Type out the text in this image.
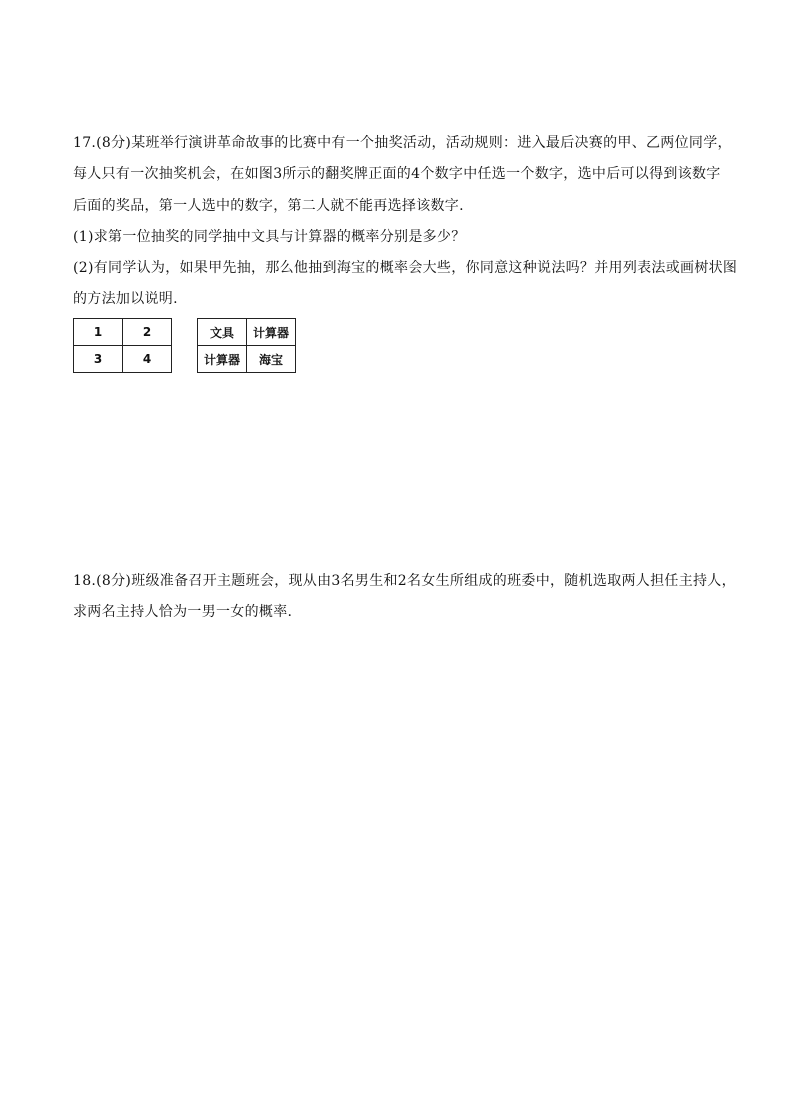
17.(8分)某班举行演讲革命故事的比赛中有一个抽奖活动，活动规则：进入最后决赛的甲、乙两位同学，
每人只有一次抽奖机会，在如图3所示的翻奖牌正面的4个数字中任选一个数字，选中后可以得到该数字
后面的奖品，第一人选中的数字，第二人就不能再选择该数字.
(1)求第一位抽奖的同学抽中文具与计算器的概率分别是多少？
(2)有同学认为，如果甲先抽，那么他抽到海宝的概率会大些，你同意这种说法吗？并用列表法或画树状图
的方法加以说明.
1	2
3	4
文具	计算器
计算器	海宝
18.(8分)班级准备召开主题班会，现从由3名男生和2名女生所组成的班委中，随机选取两人担任主持人，
求两名主持人恰为一男一女的概率.
